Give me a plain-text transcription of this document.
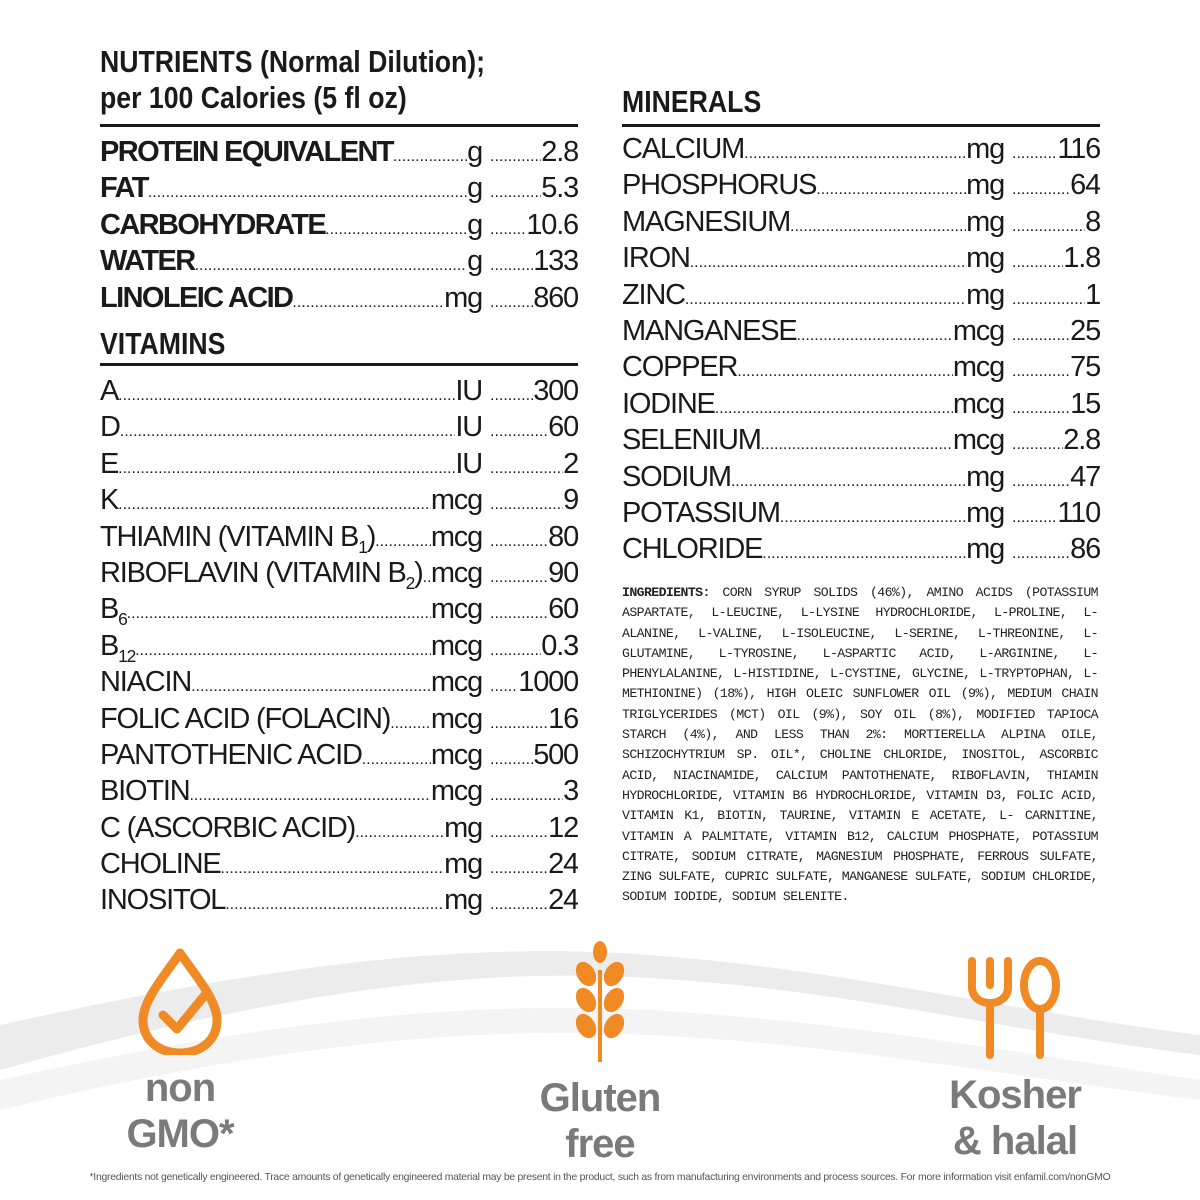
NUTRIENTS (Normal Dilution);
per 100 Calories (5 fl oz)
PROTEIN EQUIVALENT .....	g ..... 2.8
FAT .....	g ..... 5.3
CARBOHYDRATE .....	g ..... 10.6
WATER .....	g ..... 133
LINOLEIC ACID .....	mg ..... 860
VITAMINS
A .....	IU ..... 300
D .....	IU ..... 60
E .....	IU .....	2
K .....	mcg .....	9
THIAMIN (VITAMIN $B_1$) ..... mcg ..... 80
RIBOFLAVIN (VITAMIN $B_2$) ..... mcg ..... 90
$B_6$ .....	mcg ..... 60
$B_{12}$ .....	mcg ..... 0.3
NIACIN .....	mcg ..... 1000
FOLIC ACID (FOLACIN) ..... mcg ..... 16
PANTOTHENIC ACID ..... mcg ..... 500
BIOTIN .....	mcg .....	3
C (ASCORBIC ACID) .....	mg ..... 12
CHOLINE .....	mg ..... 24
INOSITOL .....	mg ..... 24
MINERALS
CALCIUM .....	mg ..... 116
PHOSPHORUS .....	mg ..... 64
MAGNESIUM .....	mg .....	8
IRON .....	mg ..... 1.8
ZINC .....	mg .....	1
MANGANESE .....	mcg ..... 25
COPPER .....	mcg ..... 75
IODINE .....	mcg ..... 15
SELENIUM .....	mcg ..... 2.8
SODIUM .....	mg ..... 47
POTASSIUM .....	mg ..... 110
CHLORIDE .....	mg ..... 86
INGREDIENTS: CORN SYRUP SOLIDS (46%), AMINO ACIDS (POTASSIUM ASPARTATE, L-LEUCINE, L-LYSINE HYDROCHLORIDE, L-PROLINE, L-ALANINE, L-VALINE, L-ISOLEUCINE, L-SERINE, L-THREONINE, L-GLUTAMINE, L-TYROSINE, L-ASPARTIC ACID, L-ARGININE, L-PHENYLALANINE, L-HISTIDINE, L-CYSTINE, GLYCINE, L-TRYPTOPHAN, L-METHIONINE) (18%), HIGH OLEIC SUNFLOWER OIL (9%), MEDIUM CHAIN TRIGLYCERIDES (MCT) OIL (9%), SOY OIL (8%), MODIFIED TAPIOCA STARCH (4%), AND LESS THAN 2%: MORTIERELLA ALPINA OILE, SCHIZOCHYTRIUM SP. OIL*, CHOLINE CHLORIDE, INOSITOL, ASCORBIC ACID, NIACINAMIDE, CALCIUM PANTOTHENATE, RIBOFLAVIN, THIAMIN HYDROCHLORIDE, VITAMIN B6 HYDROCHLORIDE, VITAMIN D3, FOLIC ACID, VITAMIN K1, BIOTIN, TAURINE, VITAMIN E ACETATE, L- CARNITINE, VITAMIN A PALMITATE, VITAMIN B12, CALCIUM PHOSPHATE, POTASSIUM CITRATE, SODIUM CITRATE, MAGNESIUM PHOSPHATE, FERROUS SULFATE, ZING SULFATE, CUPRIC SULFATE, MANGANESE SULFATE, SODIUM CHLORIDE, SODIUM IODIDE, SODIUM SELENITE.
non
GMO*
Gluten
free
Kosher
& halal
*Ingredients not genetically engineered. Trace amounts of genetically engineered material may be present in the product, such as from manufacturing environments and process sources. For more information visit enfamil.com/nonGMO
